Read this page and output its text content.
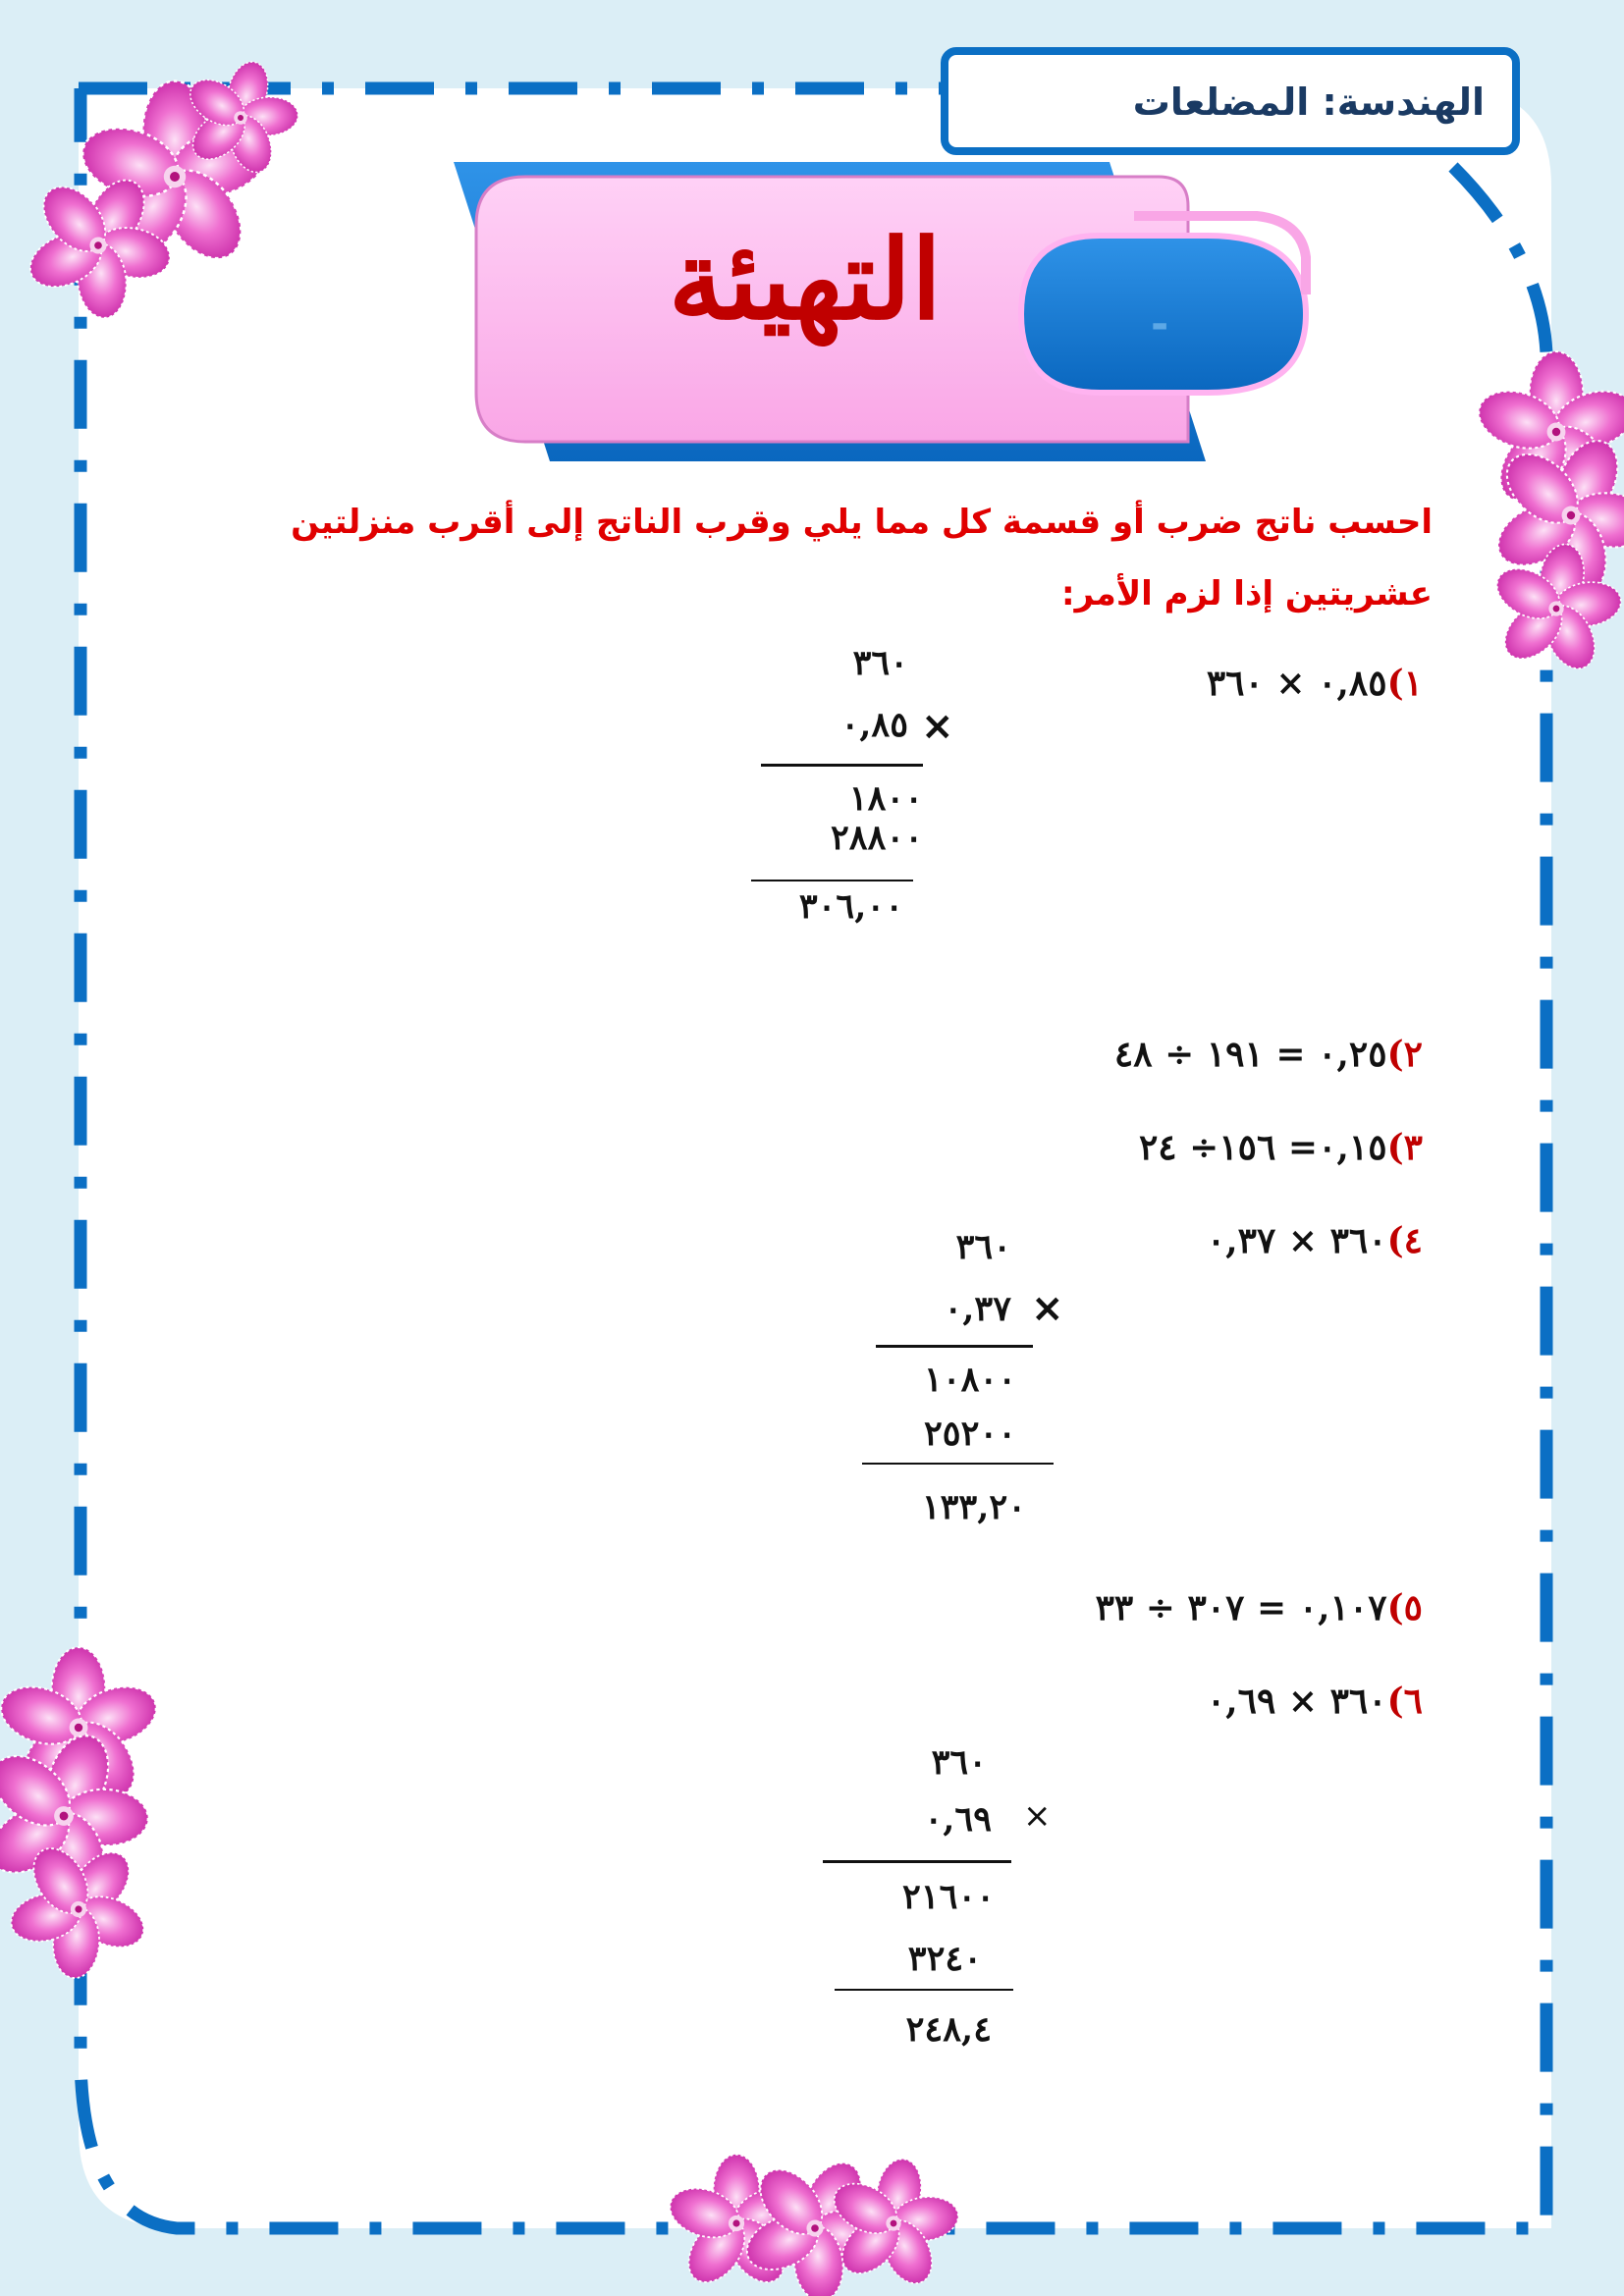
الهندسة: المضلعات
التهيئة	-
احسب ناتج ضرب أو قسمة كل مما يلي وقرب الناتج إلى أقرب منزلتين
عشريتين إذا لزم الأمر:
١)٠,٨٥ × ٣٦٠
٢)٠,٢٥ = ١٩١ ÷ ٤٨
٣)٠,١٥= ١٥٦÷ ٢٤
٤)٣٦٠ × ٠,٣٧
٥)٠,١٠٧ = ٣٠٧ ÷ ٣٣
٦)٣٦٠ × ٠,٦٩
٣٦٠
٠,٨٥ ×
١٨٠٠
٢٨٨٠٠
٣٠٦,٠٠
٣٦٠
٠,٣٧ ×
١٠٨٠٠
٢٥٢٠٠
١٣٣,٢٠
٣٦٠
٠,٦٩ ×
٢١٦٠٠
٣٢٤٠
٢٤٨,٤
